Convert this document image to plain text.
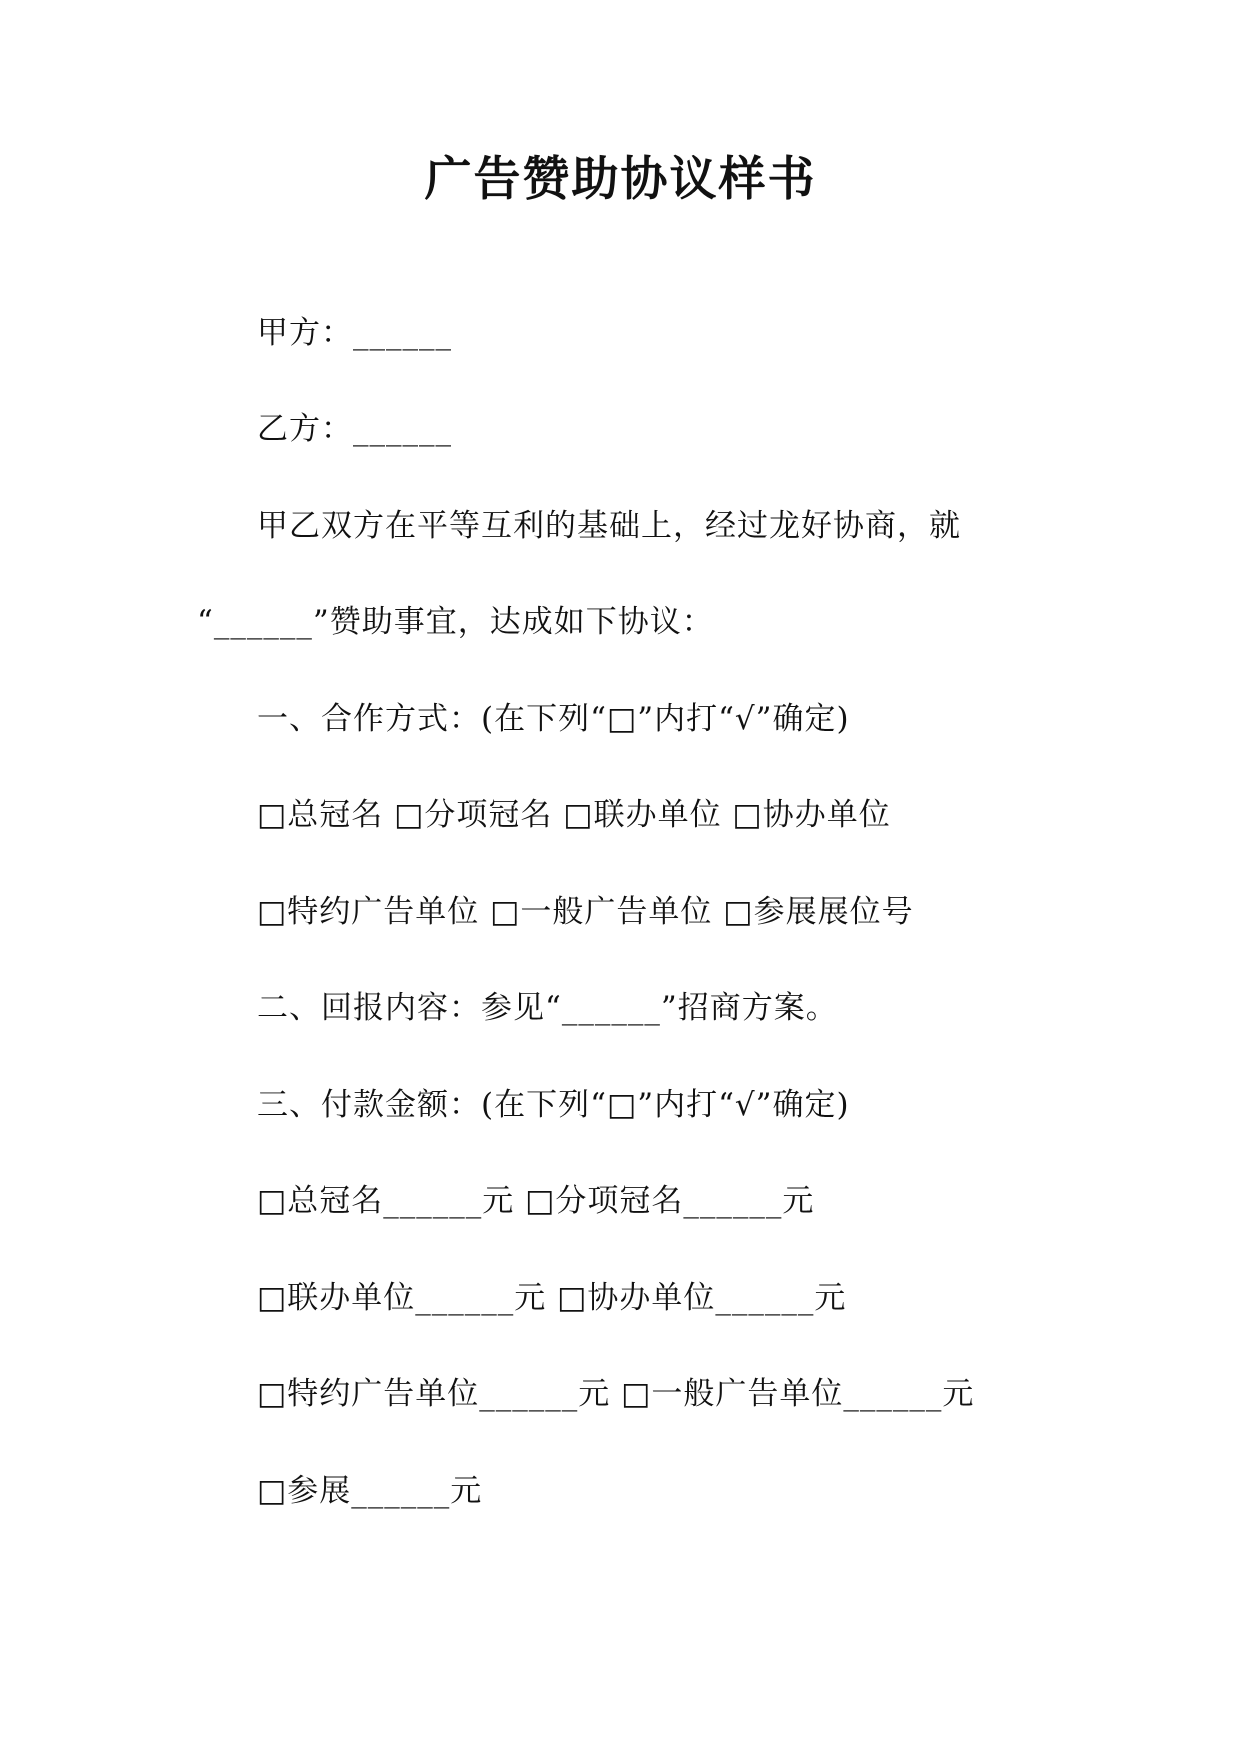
广告赞助协议样书
甲方：______
乙方：______
甲乙双方在平等互利的基础上，经过龙好协商，就
“______”赞助事宜，达成如下协议：
一、合作方式：(在下列“□”内打“√”确定)
□总冠名 □分项冠名 □联办单位 □协办单位
□特约广告单位 □一般广告单位 □参展展位号
二、回报内容：参见“______”招商方案。
三、付款金额：(在下列“□”内打“√”确定)
□总冠名______元 □分项冠名______元
□联办单位______元 □协办单位______元
□特约广告单位______元 □一般广告单位______元
□参展______元
